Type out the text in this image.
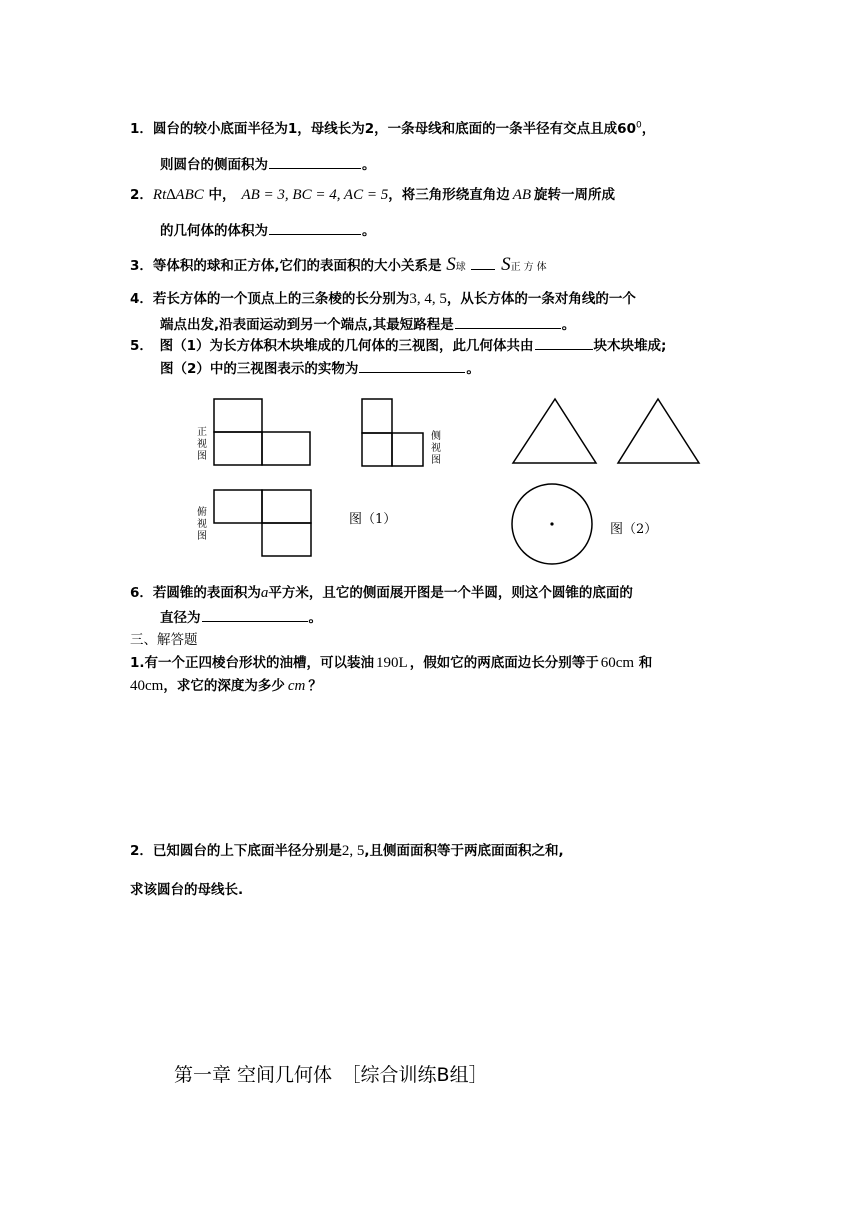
1．圆台的较小底面半径为1，母线长为2，一条母线和底面的一条半径有交点且成$60^0$，
则圆台的侧面积为	。
2．Rt∆ABC 中， AB = 3, BC = 4, AC = 5，将三角形绕直角边 AB 旋转一周所成
的几何体的体积为	。
3．等体积的球和正方体,它们的表面积的大小关系是 S球 S正方体
4．若长方体的一个顶点上的三条棱的长分别为3, 4, 5，从长方体的一条对角线的一个
端点出发,沿表面运动到另一个端点,其最短路程是	。
5．　图（1）为长方体积木块堆成的几何体的三视图，此几何体共由	块木块堆成;
图（2）中的三视图表示的实物为	。
正视图
侧视图
俯视图
图（1）
图（2）
6．若圆锥的表面积为a平方米，且它的侧面展开图是一个半圆，则这个圆锥的底面的
直径为	。
三、解答题
1.有一个正四棱台形状的油槽，可以装油 190L ，假如它的两底面边长分别等于 60cm 和
40cm，求它的深度为多少 cm ？
2．已知圆台的上下底面半径分别是2, 5,且侧面面积等于两底面面积之和,
求该圆台的母线长.
第一章 空间几何体　［综合训练B组］
